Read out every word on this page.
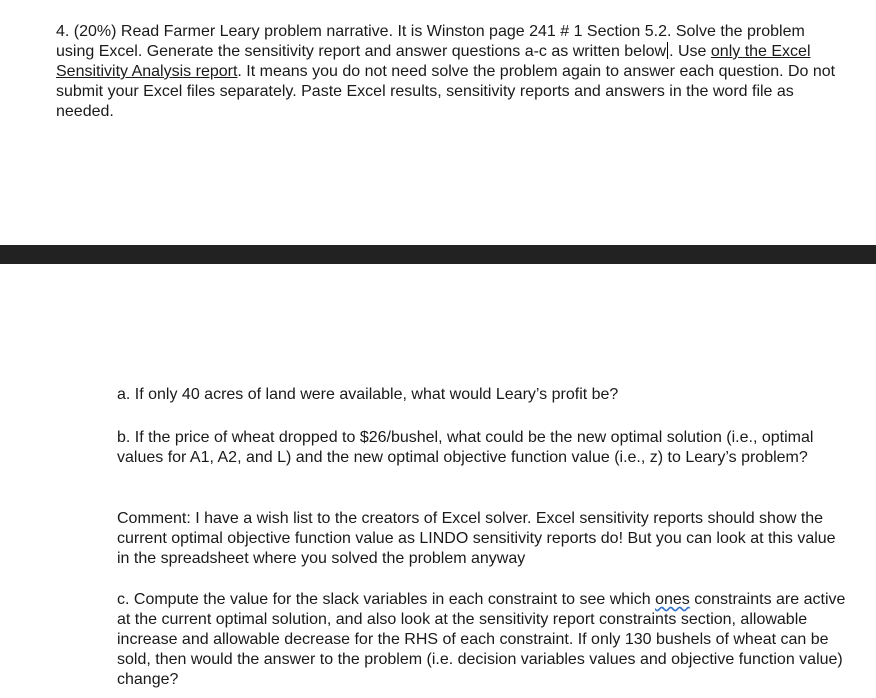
4. (20%) Read Farmer Leary problem narrative. It is Winston page 241 # 1 Section 5.2. Solve the problem using Excel. Generate the sensitivity report and answer questions a-c as written below . Use only the Excel Sensitivity Analysis report. It means you do not need solve the problem again to answer each question. Do not submit your Excel files separately. Paste Excel results, sensitivity reports and answers in the word file as needed.

a. If only 40 acres of land were available, what would Leary’s profit be?

b. If the price of wheat dropped to $26/bushel, what could be the new optimal solution (i.e., optimal values for A1, A2, and L) and the new optimal objective function value (i.e., z) to Leary’s problem?

Comment: I have a wish list to the creators of Excel solver. Excel sensitivity reports should show the current optimal objective function value as LINDO sensitivity reports do! But you can look at this value in the spreadsheet where you solved the problem anyway

c. Compute the value for the slack variables in each constraint to see which ones constraints are active at the current optimal solution, and also look at the sensitivity report constraints section, allowable increase and allowable decrease for the RHS of each constraint. If only 130 bushels of wheat can be sold, then would the answer to the problem (i.e. decision variables values and objective function value) change?
